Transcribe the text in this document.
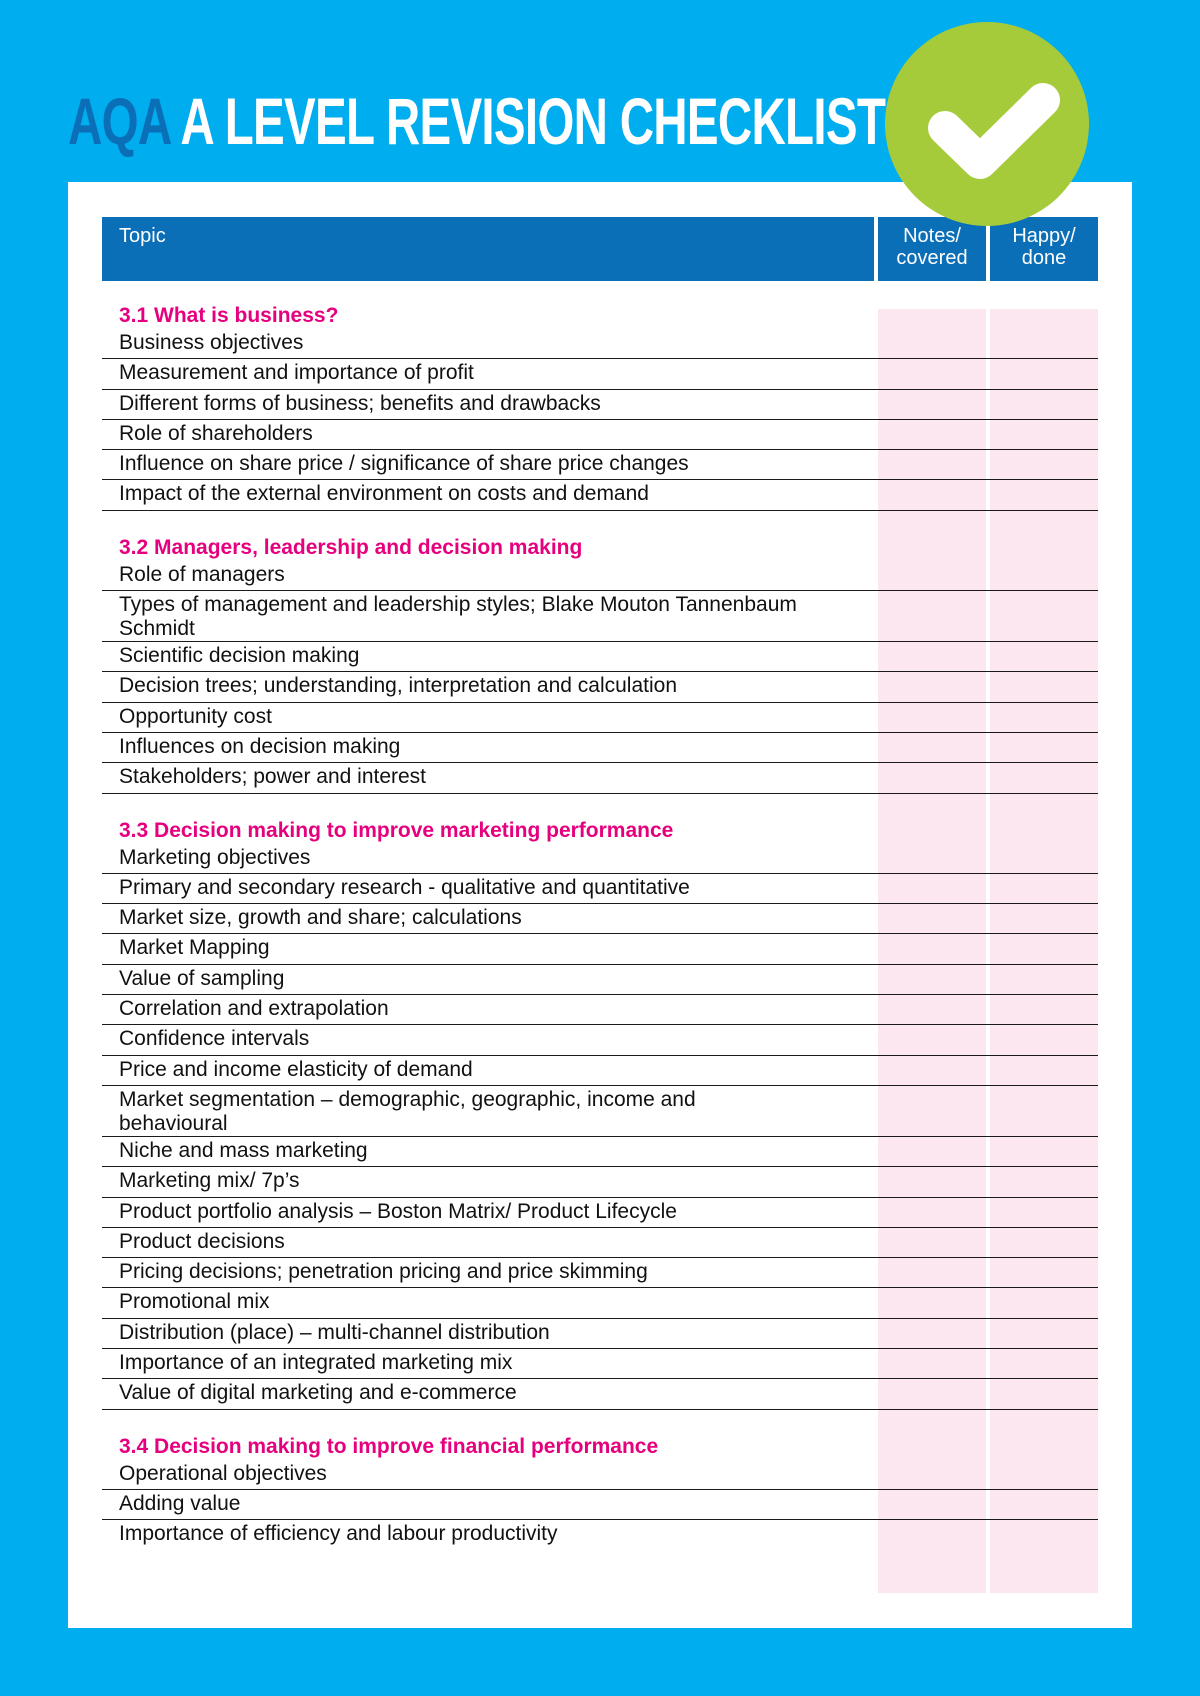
AQA A LEVEL REVISION CHECKLIST
Topic	Notes/
covered
Happy/
done
3.1 What is business?
Business objectives
Measurement and importance of profit
Different forms of business; benefits and drawbacks
Role of shareholders
Influence on share price / significance of share price changes
Impact of the external environment on costs and demand
3.2 Managers, leadership and decision making
Role of managers
Types of management and leadership styles; Blake Mouton Tannenbaum Schmidt
Scientific decision making
Decision trees; understanding, interpretation and calculation
Opportunity cost
Influences on decision making
Stakeholders; power and interest
3.3 Decision making to improve marketing performance
Marketing objectives
Primary and secondary research - qualitative and quantitative
Market size, growth and share; calculations
Market Mapping
Value of sampling
Correlation and extrapolation
Confidence intervals
Price and income elasticity of demand
Market segmentation – demographic, geographic, income and behavioural
Niche and mass marketing
Marketing mix/ 7p’s
Product portfolio analysis – Boston Matrix/ Product Lifecycle
Product decisions
Pricing decisions; penetration pricing and price skimming
Promotional mix
Distribution (place) – multi-channel distribution
Importance of an integrated marketing mix
Value of digital marketing and e-commerce
3.4 Decision making to improve financial performance
Operational objectives
Adding value
Importance of efficiency and labour productivity
